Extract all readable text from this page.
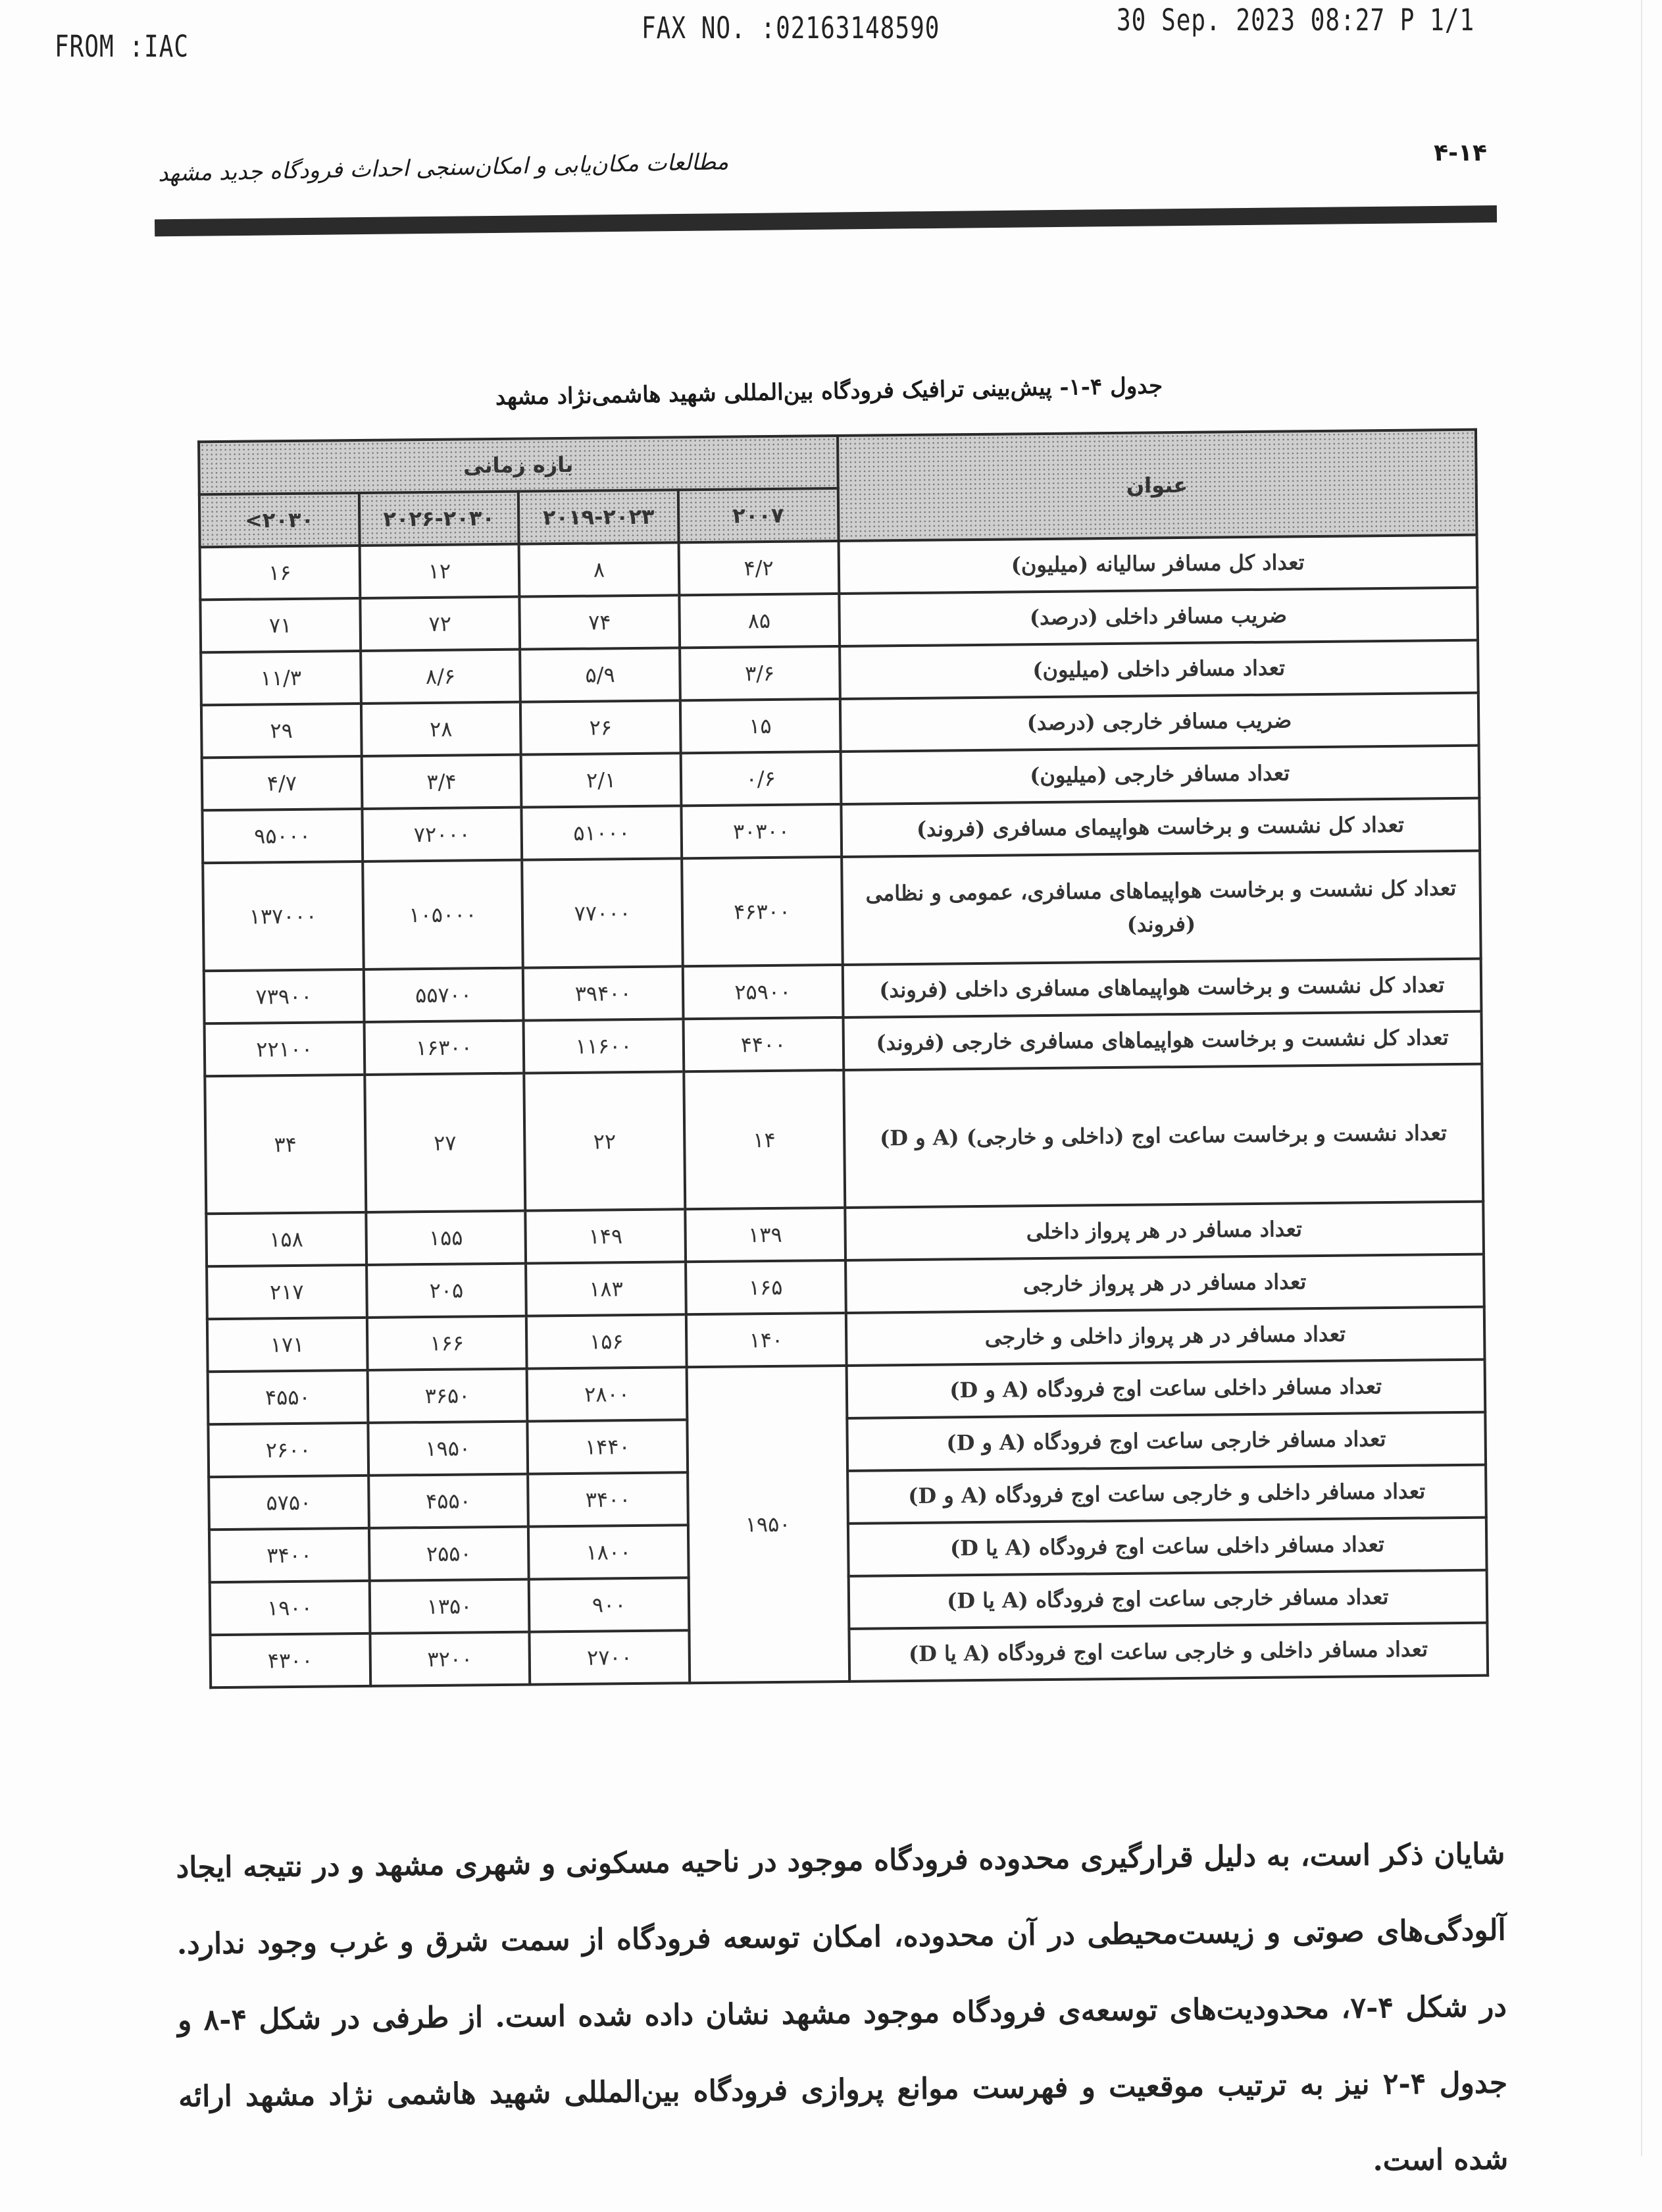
FROM :IAC
FAX NO. :02163148590	30 Sep. 2023 08:27 P 1/1
مطالعات مکان‌یابی و امکان‌سنجی احداث فرودگاه جدید مشهد	۴-۱۴
جدول ۴-۱- پیش‌بینی ترافیک فرودگاه بین‌المللی شهید هاشمی‌نژاد مشهد
عنوان	بازه زمانی			
	۲۰۰۷	۲۰۱۹-۲۰۲۳	۲۰۲۶-۲۰۳۰	۲۰۳۰>
تعداد کل مسافر سالیانه (میلیون)	۴/۲	۸	۱۲	۱۶
ضریب مسافر داخلی (درصد)	۸۵	۷۴	۷۲	۷۱
تعداد مسافر داخلی (میلیون)	۳/۶	۵/۹	۸/۶	۱۱/۳
ضریب مسافر خارجی (درصد)	۱۵	۲۶	۲۸	۲۹
تعداد مسافر خارجی (میلیون)	۰/۶	۲/۱	۳/۴	۴/۷
تعداد کل نشست و برخاست هواپیمای مسافری (فروند)	۳۰۳۰۰	۵۱۰۰۰	۷۲۰۰۰	۹۵۰۰۰
تعداد کل نشست و برخاست هواپیماهای مسافری، عمومی و نظامی (فروند)	۴۶۳۰۰	۷۷۰۰۰	۱۰۵۰۰۰	۱۳۷۰۰۰
تعداد کل نشست و برخاست هواپیماهای مسافری داخلی (فروند)	۲۵۹۰۰	۳۹۴۰۰	۵۵۷۰۰	۷۳۹۰۰
تعداد کل نشست و برخاست هواپیماهای مسافری خارجی (فروند)	۴۴۰۰	۱۱۶۰۰	۱۶۳۰۰	۲۲۱۰۰
تعداد نشست و برخاست ساعت اوج (داخلی و خارجی) (A و D)	۱۴	۲۲	۲۷	۳۴
تعداد مسافر در هر پرواز داخلی	۱۳۹	۱۴۹	۱۵۵	۱۵۸
تعداد مسافر در هر پرواز خارجی	۱۶۵	۱۸۳	۲۰۵	۲۱۷
تعداد مسافر در هر پرواز داخلی و خارجی	۱۴۰	۱۵۶	۱۶۶	۱۷۱
تعداد مسافر داخلی ساعت اوج فرودگاه (A و D)	۱۹۵۰	۲۸۰۰	۳۶۵۰	۴۵۵۰
تعداد مسافر خارجی ساعت اوج فرودگاه (A و D)		۱۴۴۰	۱۹۵۰	۲۶۰۰
تعداد مسافر داخلی و خارجی ساعت اوج فرودگاه (A و D)		۳۴۰۰	۴۵۵۰	۵۷۵۰
تعداد مسافر داخلی ساعت اوج فرودگاه (A یا D)		۱۸۰۰	۲۵۵۰	۳۴۰۰
تعداد مسافر خارجی ساعت اوج فرودگاه (A یا D)		۹۰۰	۱۳۵۰	۱۹۰۰
تعداد مسافر داخلی و خارجی ساعت اوج فرودگاه (A یا D)		۲۷۰۰	۳۲۰۰	۴۳۰۰
شایان ذکر است، به دلیل قرارگیری محدوده فرودگاه موجود در ناحیه مسکونی و شهری مشهد و در نتیجه ایجاد آلودگی‌های صوتی و زیست‌محیطی در آن محدوده، امکان توسعه فرودگاه از سمت شرق و غرب وجود ندارد. در شکل ۴-۷، محدودیت‌های توسعه‌ی فرودگاه موجود مشهد نشان داده شده است. از طرفی در شکل ۴-۸ و جدول ۴-۲ نیز به ترتیب موقعیت و فهرست موانع پروازی فرودگاه بین‌المللی شهید هاشمی نژاد مشهد ارائه شده است.
